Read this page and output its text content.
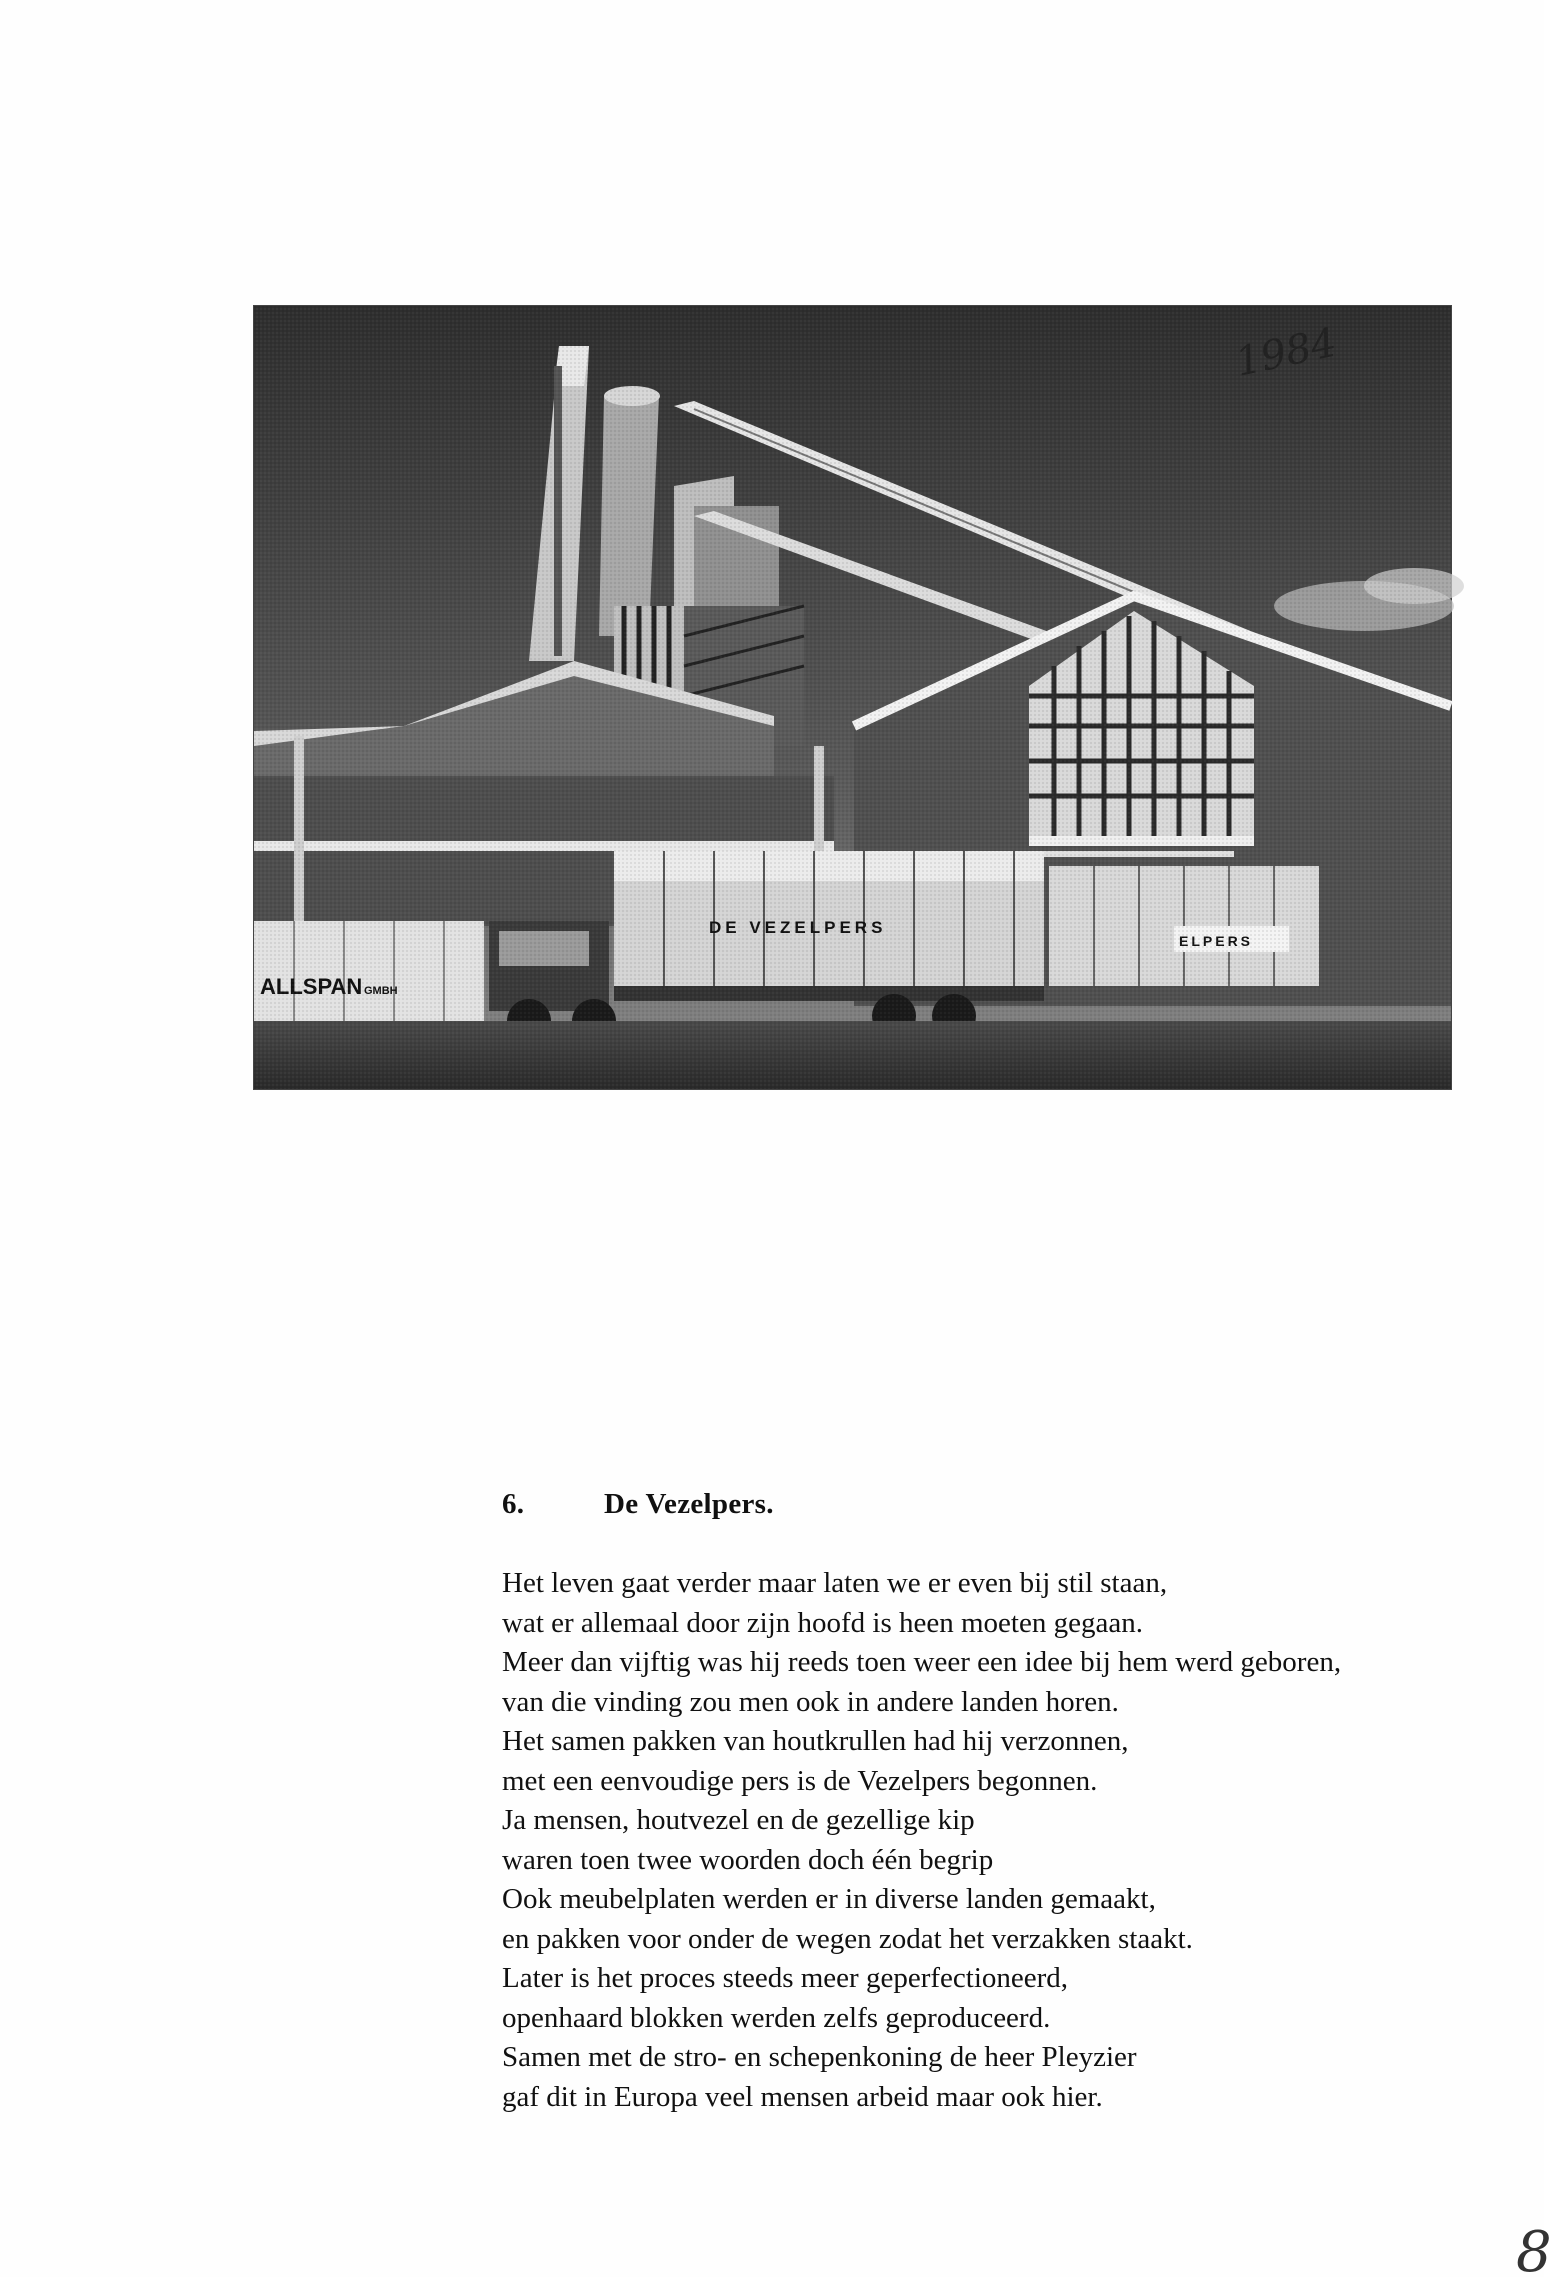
1984
6.	De Vezelpers.
Het leven gaat verder maar laten we er even bij stil staan,
wat er allemaal door zijn hoofd is heen moeten gegaan.
Meer dan vijftig was hij reeds toen weer een idee bij hem werd geboren,
van die vinding zou men ook in andere landen horen.
Het samen pakken van houtkrullen had hij verzonnen,
met een eenvoudige pers is de Vezelpers begonnen.
Ja mensen, houtvezel en de gezellige kip
waren toen twee woorden doch één begrip
Ook meubelplaten werden er in diverse landen gemaakt,
en pakken voor onder de wegen zodat het verzakken staakt.
Later is het proces steeds meer geperfectioneerd,
openhaard blokken werden zelfs geproduceerd.
Samen met de stro- en schepenkoning de heer Pleyzier
gaf dit in Europa veel mensen arbeid maar ook hier.
8
